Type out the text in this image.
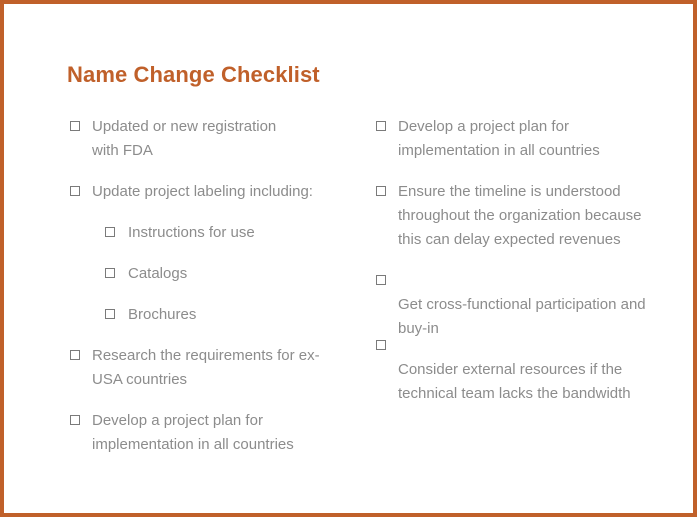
Name Change Checklist
Updated or new registration with FDA
Update project labeling including:
Instructions for use
Catalogs
Brochures
Research the requirements for ex-USA countries
Develop a project plan for implementation in all countries
Develop a project plan for implementation in all countries
Ensure the timeline is understood throughout the organization because this can delay expected revenues
Get cross-functional participation and buy-in
Consider external resources if the technical team lacks the bandwidth
